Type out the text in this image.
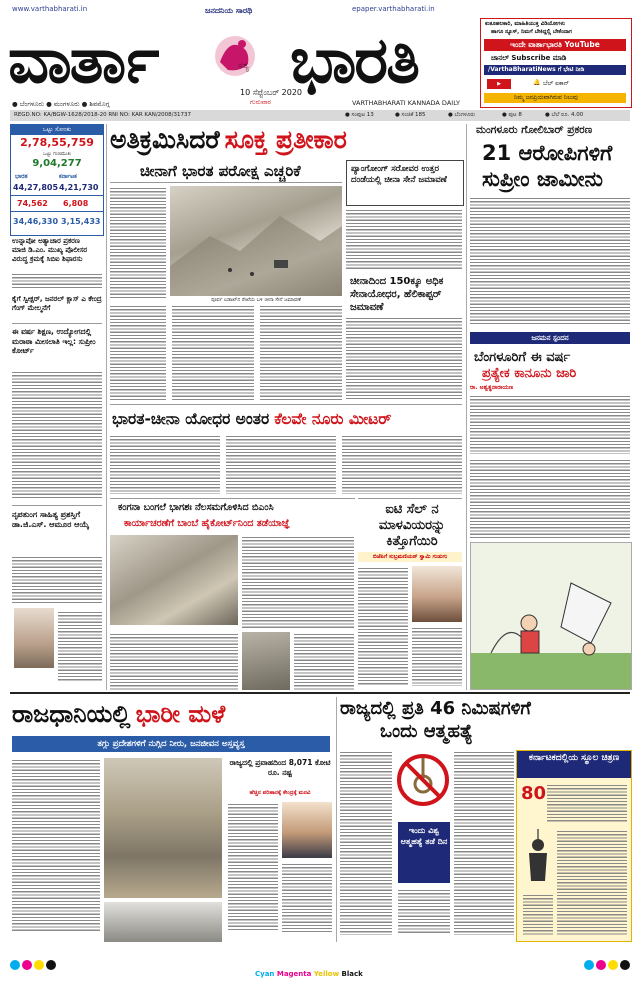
www.varthabharati.in	ಜನದನಿಯ ಸಾರಥಿ	epaper.varthabharati.in
ವಾರ್ತಾ	ಸತ್ಯ ಭಾರತಿ
10 ಸೆಪ್ಟೆಂಬರ್ 2020
ಗುರುವಾರ
● ಬೆಂಗಳೂರು ● ಮಂಗಳೂರು ● ಶಿವಮೊಗ್ಗ	VARTHABHARATI KANNADA DAILY
ಕುತೂಹಲಕಾರಿ, ಮಾಹಿತಿಯುಕ್ತ ವಿಡಿಯೋಗಳು
ಹಾಗೂ ನ್ಯೂಸ್, ನಿಮಗೆ ಬೇಕಿದ್ದಲ್ಲಿ ಬೇಕೆಂದಾಗ
ಇಂದೇ ವಾರ್ತಾಭಾರತಿ YouTube
ಚಾನಲ್ Subscribe ಮಾಡಿ
/VarthaBharatiNews ಗೆ ಭೇಟಿ ನೀಡಿ
▶	🔔 ಬೆಲ್ ಐಕಾನ್
ನಿಮ್ಮ ಜನಪ್ರಿಯವಾಗಿರುವ ನಿಲುವು
REGD.NO: KA/BGW-1628/2018-20 RNI NO: KAR KAN/2008/31737	● ಸಂಪುಟ 13	● ಸಂಚಿಕೆ 185	● ಬೆಂಗಳೂರು	● ಪುಟ 8	● ಬೆಲೆ ರೂ. 4.00
ಒಟ್ಟು ಸೋಂಕು
2,78,55,759
ಒಟ್ಟು ಗುಣಮುಖ
9,04,277
ಭಾರತ	ಕರ್ನಾಟಕ
44,27,805 4,21,730
74,562 6,808
34,46,330 3,15,433
ಉನ್ನಾವೋ ಅತ್ಯಾಚಾರ ಪ್ರಕರಣ
ಮಾಜಿ ಡಿ.ಎಂ. ಮುಖ್ಯ ಪೊಲೀಸರ ವಿರುದ್ಧ ಕ್ರಮಕ್ಕೆ ಸಿಬಿಐ ಶಿಫಾರಸು
ಕೈಗೆ ಸ್ವೀಕ್ಷರ್, ಜನರಲ್ ಕ್ಲಾಸ್ ಎ ಕೇಂದ್ರ ಗೆಂಗ್ ಮೇಲ್ಮನೆಗೆ
ಈ ವರ್ಷ ಶಿಕ್ಷಣ, ಉದ್ಯೋಗದಲ್ಲಿ ಮರಾಠಾ ಮೀಸಲಾತಿ ಇಲ್ಲ: ಸುಪ್ರೀಂ ಕೋರ್ಟ್
ನೃಪತುಂಗ ಸಾಹಿತ್ಯ ಪ್ರಶಸ್ತಿಗೆ ಡಾ.ಜಿ.ಎಸ್. ಆಮೂರ ಆಯ್ಕೆ
ಅತಿಕ್ರಮಿಸಿದರೆ ಸೂಕ್ತ ಪ್ರತೀಕಾರ
ಚೀನಾಗೆ ಭಾರತ ಪರೋಕ್ಷ ಎಚ್ಚರಿಕೆ
ಪೂರ್ವ ಲಡಾಖ್‌ನ ರೇಖೆಯ ಬಳಿ ಚೀನಾ ಸೇನೆ ಜಮಾವಣೆ
ಪ್ಯಾಂಗೋಂಗ್ ಸರೋವರ ಉತ್ತರ ದಂಡೆಯಲ್ಲಿ ಚೀನಾ ಸೇನೆ ಜಮಾವಣೆ
ಚೀನಾದಿಂದ 150ಕ್ಕೂ ಅಧಿಕ ಸೇನಾಯೋಧರ, ಹೆಲಿಕಾಪ್ಟರ್ ಜಮಾವಣೆ
ಭಾರತ-ಚೀನಾ ಯೋಧರ ಅಂತರ ಕೆಲವೇ ನೂರು ಮೀಟರ್
ಕಂಗನಾ ಬಂಗಲೆ ಭಾಗಶಃ ನೆಲಸಮಗೊಳಿಸಿದ ಬಿಎಂಸಿ
ಕಾರ್ಯಾಚರಣೆಗೆ ಬಾಂಬೆ ಹೈಕೋರ್ಟ್‌ನಿಂದ ತಡೆಯಾಜ್ಞೆ
ಐಟಿ ಸೆಲ್ ನ ಮಾಳವಿಯರನ್ನು ಕಿತ್ತೊಗೆಯಿರಿ
ಬಿಜೆಪಿಗೆ ಸುಬ್ರಮಣಿಯನ್ ಸ್ವಾಮಿ ಗುಡುಗು
ಮಂಗಳೂರು ಗೋಲಿಬಾರ್ ಪ್ರಕರಣ
21 ಆರೋಪಿಗಳಿಗೆ
ಸುಪ್ರೀಂ ಜಾಮೀನು
ಜನಮನ ಸ್ಪಂದನ
ಬೆಂಗಳೂರಿಗೆ ಈ ವರ್ಷ
ಪ್ರತ್ಯೇಕ ಕಾನೂನು ಜಾರಿ
ರಾ. ಅಶ್ವತ್ಥನಾರಾಯಣ
ರಾಜಧಾನಿಯಲ್ಲಿ ಭಾರೀ ಮಳೆ
ತಗ್ಗು ಪ್ರದೇಶಗಳಿಗೆ ನುಗ್ಗಿದ ನೀರು, ಜನಜೀವನ ಅಸ್ತವ್ಯಸ್ತ
ರಾಜ್ಯದಲ್ಲಿ ಪ್ರವಾಹದಿಂದ 8,071 ಕೋಟಿ ರೂ. ನಷ್ಟ
ಹೆಚ್ಚಿನ ಪರಿಹಾರಕ್ಕೆ ಕೇಂದ್ರಕ್ಕೆ ಮನವಿ
ರಾಜ್ಯದಲ್ಲಿ ಪ್ರತಿ 46 ನಿಮಿಷಗಳಿಗೆ
ಒಂದು ಆತ್ಮಹತ್ಯೆ
ಇಂದು ವಿಶ್ವ ಆತ್ಮಹತ್ಯೆ ತಡೆ ದಿನ
ಕರ್ನಾಟಕದಲ್ಲಿಯ ಸ್ಥೂಲ ಚಿತ್ರಣ
80
Cyan Magenta Yellow Black
